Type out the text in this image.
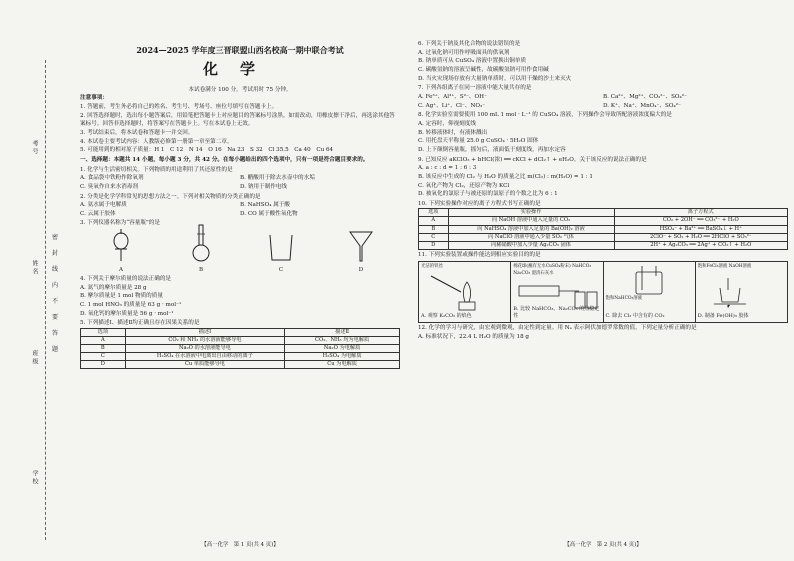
考号
姓名
班级
学校
密
封
线
内
不
要
答
题

2024—2025 学年度三晋联盟山西名校高一期中联合考试

化学

本试卷满分 100 分，考试用时 75 分钟。

注意事项：

1. 答题前，考生务必将自己的姓名、考生号、考场号、座位号填写在答题卡上。

2. 回答选择题时，选出每小题答案后，用铅笔把答题卡上对应题目的答案标号涂黑。如需改动，用橡皮擦干净后，再选涂其他答案标号。回答非选择题时，将答案写在答题卡上。写在本试卷上无效。

3. 考试结束后，将本试卷和答题卡一并交回。

4. 本试卷主要考试内容：人教版必修第一册第一章至第二章。

5. 可能用到的相对原子质量：H 1　C 12　N 14　O 16　Na 23　S 32　Cl 35.5　Ca 40　Cu 64

一、选择题：本题共 14 小题，每小题 3 分，共 42 分。在每小题给出的四个选项中，只有一项是符合题目要求的。

1. 化学与生活密切相关。下列物质的用途利用了其还原性的是

A. 食品袋中铁粉作除氧剂	B. 醋酸用于除去水壶中的水垢
C. 臭氧作自来水消毒剂	D. 钠用于制作电线

2. 分类是化学学科常见的思想方法之一。下列对相关物质的分类正确的是

A. 氨水属于电解质	B. NaHSO₄ 属于酸
C. 云属于胶体	D. CO 属于酸性氧化物

3. 下列仪器名称为“容量瓶”的是

A	B	C	D

4. 下列关于摩尔质量的说法正确的是

A. 氮气的摩尔质量是 28 g

B. 摩尔质量是 1 mol 物质的质量

C. 1 mol HNO₃ 的质量是 63 g · mol⁻¹

D. 氧化钙的摩尔质量是 56 g · mol⁻¹

5. 下列描述Ⅰ、描述Ⅱ均正确且存在因果关系的是

选项	描述Ⅰ	描述Ⅱ
A	CO₂ 和 NH₃ 的水溶液能够导电	CO₂、NH₃ 均为电解质
B	Na₂O 的水溶液能导电	Na₂O 为电解质
C	H₂SO₄ 在水溶液中电离出自由移动的离子	H₂SO₄ 为电解质
D	Cu 单质能够导电	Cu 为电解质
【高一化学　第 1 页(共 4 页)】

6. 下列关于钠及其化合物的说法错误的是

A. 过氧化钠可用作呼吸面具的供氧剂

B. 钠单质可从 CuSO₄ 溶液中置换出铜单质

C. 碳酸氢钠的溶液呈碱性，故碳酸氢钠可用作食用碱

D. 当火灾现场存放有大量钠单质时，可以用干燥的沙土来灭火

7. 下列各组离子在同一溶液中能大量共存的是

A. Fe³⁺、Al³⁺、S²⁻、OH⁻	B. Ca²⁺、Mg²⁺、CO₃²⁻、SO₄²⁻
C. Ag⁺、Li⁺、Cl⁻、NO₃⁻	D. K⁺、Na⁺、MnO₄⁻、SO₄²⁻

8. 化学实验室需要使用 100 mL 1 mol · L⁻¹ 的 CuSO₄ 溶液，下列操作会导致所配溶液浓度偏大的是

A. 定容时，仰视刻度线

B. 转移液体时，有液体溅出

C. 用托盘天平称量 25.0 g CuSO₄ · 5H₂O 固体

D. 上下颠倒容量瓶，摇匀后，液面低于刻度线，再加水定容

9. 已知反应 aKClO₃ + bHCl(浓) ══ cKCl + dCl₂↑ + eH₂O。关于该反应的说法正确的是

A. a : c : d = 1 : 6 : 3

B. 该反应中生成的 Cl₂ 与 H₂O 的质量之比 m(Cl₂) : m(H₂O) = 1 : 1

C. 氧化产物为 Cl₂，还原产物为 KCl

D. 被氧化的氯原子与被还原的氯原子的个数之比为 6 : 1

10. 下列实验操作对应的离子方程式书写正确的是

选项	实验操作	离子方程式
A	向 NaOH 溶液中通入足量的 CO₂	CO₂ + 2OH⁻ ══ CO₃²⁻ + H₂O
B	向 NaHSO₄ 溶液中加入足量的 Ba(OH)₂ 溶液	HSO₄⁻ + Ba²⁺ ══ BaSO₄↓ + H⁺
C	向 NaClO 溶液中通入少量 SO₂ 气体	2ClO⁻ + SO₂ + H₂O ══ 2HClO + SO₃²⁻
D	向稀硝酸中加入少量 Ag₂CO₃ 固体	2H⁺ + Ag₂CO₃ ══ 2Ag⁺ + CO₂↑ + H₂O

11. 下列实验装置或操作能达到相应实验目的的是

光洁的铁丝
A. 观察 K₂CO₃ 的焰色
棉花球(蘸有无水CuSO₄粉末) NaHCO₃ Na₂CO₃ 澄清石灰水
B. 比较 NaHCO₃、Na₂CO₃ 的热稳定性
饱和NaHCO₃溶液
C. 除去 Cl₂ 中含有的 CO₂
饱和FeCl₃溶液 NaOH溶液
D. 制备 Fe(OH)₃ 胶体

12. 化学的学习与研究，由宏观到微观，由定性到定量。用 Nₐ 表示阿伏加德罗常数的值，下列定量分析正确的是

A. 标准状况下，22.4 L H₂O 的质量为 18 g

【高一化学　第 2 页(共 4 页)】
